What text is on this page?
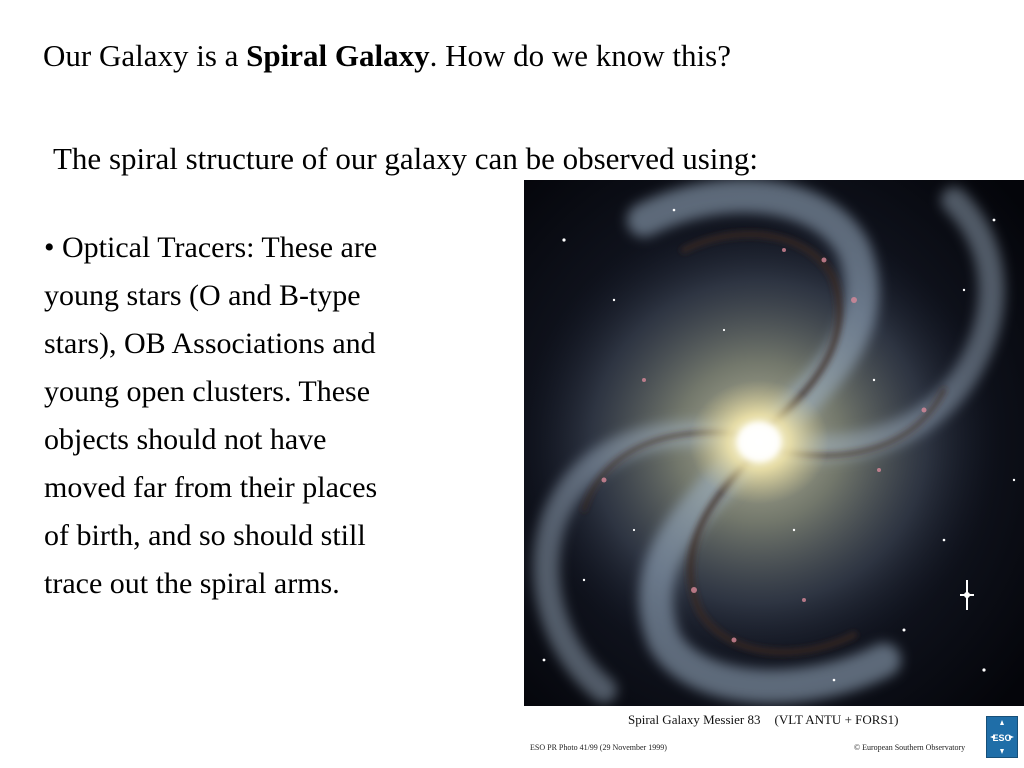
Our Galaxy is a Spiral Galaxy. How do we know this?
The spiral structure of our galaxy can be observed using:
• Optical Tracers: These are
young stars (O and B-type
stars), OB Associations and
young open clusters. These
objects should not have
moved far from their places
of birth, and so should still
trace out the spiral arms.
Spiral Galaxy Messier 83 (VLT ANTU + FORS1)
ESO PR Photo 41/99 (29 November 1999)	© European Southern Observatory
ESO
